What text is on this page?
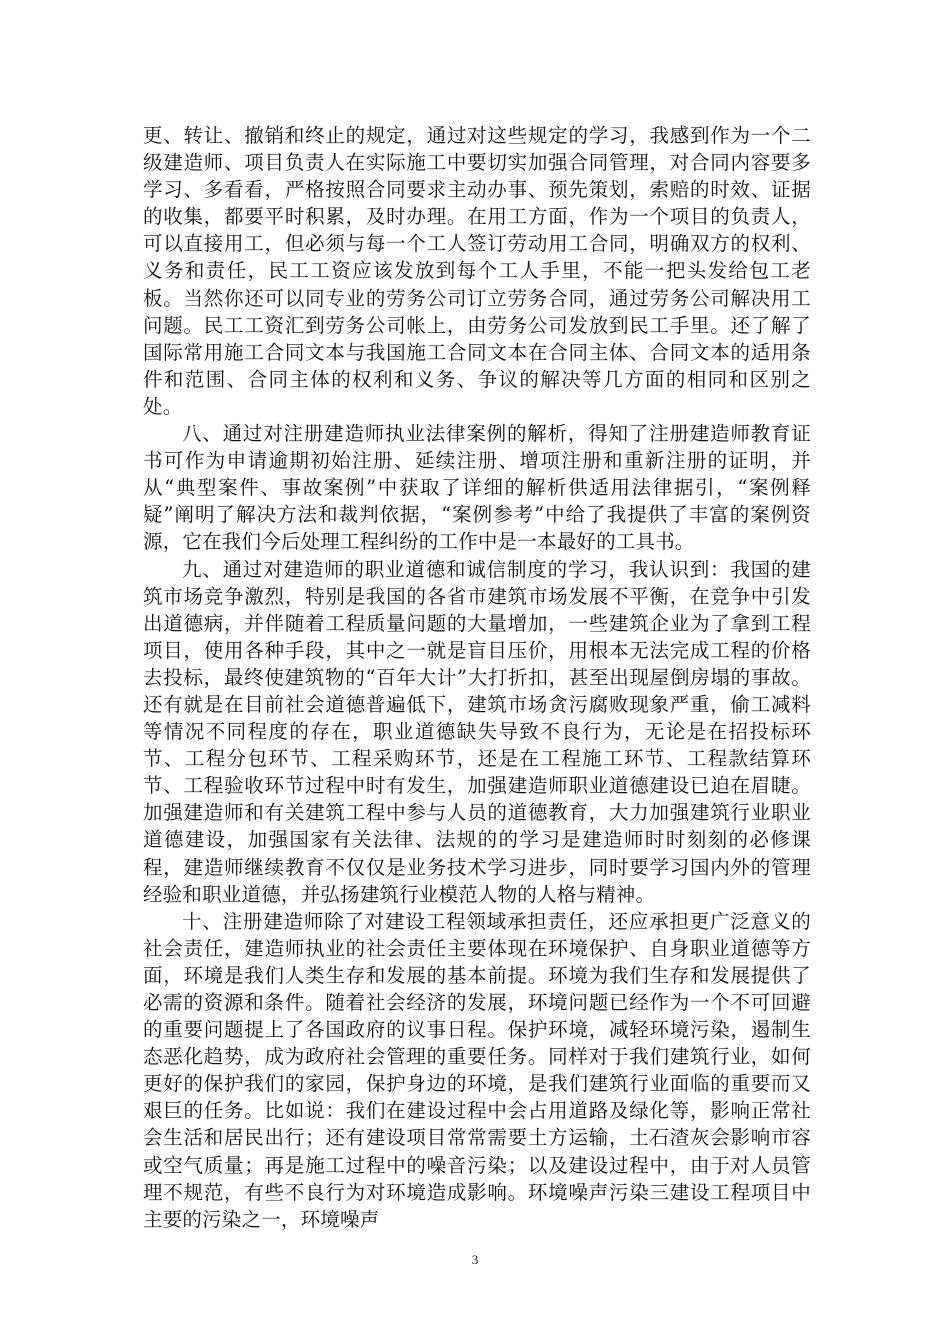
更、转让、撤销和终止的规定，通过对这些规定的学习，我感到作为一个二级建造师、项目负责人在实际施工中要切实加强合同管理，对合同内容要多学习、多看看，严格按照合同要求主动办事、预先策划，索赔的时效、证据的收集，都要平时积累，及时办理。在用工方面，作为一个项目的负责人，可以直接用工，但必须与每一个工人签订劳动用工合同，明确双方的权利、义务和责任，民工工资应该发放到每个工人手里，不能一把头发给包工老板。当然你还可以同专业的劳务公司订立劳务合同，通过劳务公司解决用工问题。民工工资汇到劳务公司帐上，由劳务公司发放到民工手里。还了解了国际常用施工合同文本与我国施工合同文本在合同主体、合同文本的适用条件和范围、合同主体的权利和义务、争议的解决等几方面的相同和区别之处。

八、通过对注册建造师执业法律案例的解析，得知了注册建造师教育证书可作为申请逾期初始注册、延续注册、增项注册和重新注册的证明，并从“典型案件、事故案例”中获取了详细的解析供适用法律据引，“案例释疑”阐明了解决方法和裁判依据，“案例参考”中给了我提供了丰富的案例资源，它在我们今后处理工程纠纷的工作中是一本最好的工具书。

九、通过对建造师的职业道德和诚信制度的学习，我认识到：我国的建筑市场竞争激烈，特别是我国的各省市建筑市场发展不平衡，在竞争中引发出道德病，并伴随着工程质量问题的大量增加，一些建筑企业为了拿到工程项目，使用各种手段，其中之一就是盲目压价，用根本无法完成工程的价格去投标，最终使建筑物的“百年大计”大打折扣，甚至出现屋倒房塌的事故。还有就是在目前社会道德普遍低下，建筑市场贪污腐败现象严重，偷工减料等情况不同程度的存在，职业道德缺失导致不良行为，无论是在招投标环节、工程分包环节、工程采购环节，还是在工程施工环节、工程款结算环节、工程验收环节过程中时有发生，加强建造师职业道德建设已迫在眉睫。加强建造师和有关建筑工程中参与人员的道德教育，大力加强建筑行业职业道德建设，加强国家有关法律、法规的的学习是建造师时时刻刻的必修课程，建造师继续教育不仅仅是业务技术学习进步，同时要学习国内外的管理经验和职业道德，并弘扬建筑行业模范人物的人格与精神。

十、注册建造师除了对建设工程领域承担责任，还应承担更广泛意义的社会责任，建造师执业的社会责任主要体现在环境保护、自身职业道德等方面，环境是我们人类生存和发展的基本前提。环境为我们生存和发展提供了必需的资源和条件。随着社会经济的发展，环境问题已经作为一个不可回避的重要问题提上了各国政府的议事日程。保护环境，减轻环境污染，遏制生态恶化趋势，成为政府社会管理的重要任务。同样对于我们建筑行业，如何更好的保护我们的家园，保护身边的环境，是我们建筑行业面临的重要而又艰巨的任务。比如说：我们在建设过程中会占用道路及绿化等，影响正常社会生活和居民出行；还有建设项目常常需要土方运输，土石渣灰会影响市容或空气质量；再是施工过程中的噪音污染；以及建设过程中，由于对人员管理不规范，有些不良行为对环境造成影响。环境噪声污染三建设工程项目中主要的污染之一，环境噪声

3
